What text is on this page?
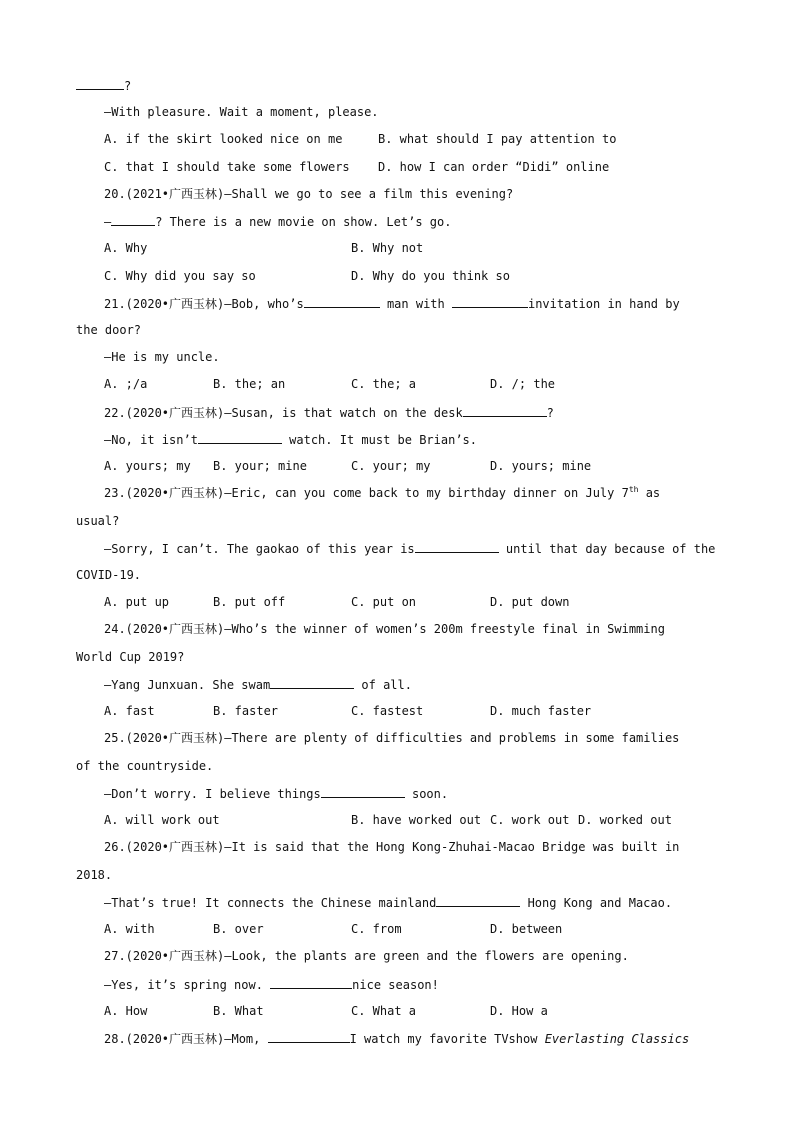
?
—With pleasure. Wait a moment, please.
A. if the skirt looked nice on me	B. what should I pay attention to
C. that I should take some flowers D. how I can order “Didi” online
20.(2021•广西玉林)—Shall we go to see a film this evening?
—	? There is a new movie on show. Let’s go.
A. Why	B. Why not
C. Why did you say so	D. Why do you think so
21.(2020•广西玉林)—Bob, who’s	man with	invitation in hand by
the door?
—He is my uncle.
A. ;/a	B. the; an	C. the; a	D. /; the
22.(2020•广西玉林)—Susan, is that watch on the desk	?
—No, it isn’t	watch. It must be Brian’s.
A. yours; my B. your; mine	C. your; my	D. yours; mine
23.(2020•广西玉林)—Eric, can you come back to my birthday dinner on July 7th as
usual?
—Sorry, I can’t. The gaokao of this year is	until that day because of the
COVID-19.
A. put up	B. put off	C. put on	D. put down
24.(2020•广西玉林)—Who’s the winner of women’s 200m freestyle final in Swimming
World Cup 2019?
—Yang Junxuan. She swam	of all.
A. fast	B. faster	C. fastest	D. much faster
25.(2020•广西玉林)—There are plenty of difficulties and problems in some families
of the countryside.
—Don’t worry. I believe things	soon.
A. will work out	B. have worked out C. work out D. worked out
26.(2020•广西玉林)—It is said that the Hong Kong-Zhuhai-Macao Bridge was built in
2018.
—That’s true! It connects the Chinese mainland	Hong Kong and Macao.
A. with	B. over	C. from	D. between
27.(2020•广西玉林)—Look, the plants are green and the flowers are opening.
—Yes, it’s spring now.	nice season!
A. How	B. What	C. What a	D. How a
28.(2020•广西玉林)—Mom,	I watch my favorite TVshow Everlasting Classics
